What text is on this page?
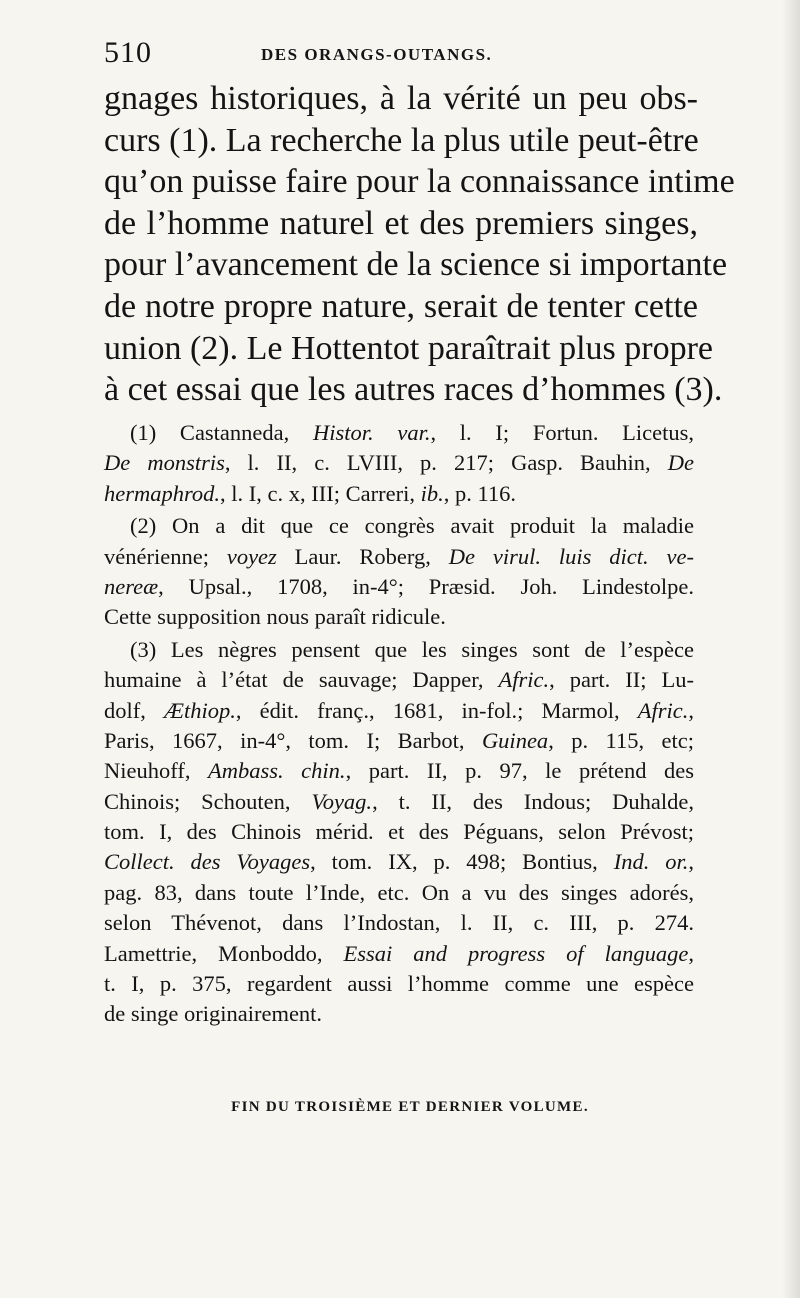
510	DES ORANGS-OUTANGS.
gnages historiques, à la vérité un peu obs-
curs (1). La recherche la plus utile peut-être
qu’on puisse faire pour la connaissance intime
de l’homme naturel et des premiers singes,
pour l’avancement de la science si importante
de notre propre nature, serait de tenter cette
union (2). Le Hottentot paraîtrait plus propre
à cet essai que les autres races d’hommes (3).
(1) Castanneda, Histor. var., l. I; Fortun. Licetus,
De monstris, l. II, c. LVIII, p. 217; Gasp. Bauhin, De
hermaphrod., l. I, c. x, III; Carreri, ib., p. 116.
(2) On a dit que ce congrès avait produit la maladie
vénérienne; voyez Laur. Roberg, De virul. luis dict. ve-
nereæ, Upsal., 1708, in-4°; Præsid. Joh. Lindestolpe.
Cette supposition nous paraît ridicule.
(3) Les nègres pensent que les singes sont de l’espèce
humaine à l’état de sauvage; Dapper, Afric., part. II; Lu-
dolf, Æthiop., édit. franç., 1681, in-fol.; Marmol, Afric.,
Paris, 1667, in-4°, tom. I; Barbot, Guinea, p. 115, etc;
Nieuhoff, Ambass. chin., part. II, p. 97, le prétend des
Chinois; Schouten, Voyag., t. II, des Indous; Duhalde,
tom. I, des Chinois mérid. et des Péguans, selon Prévost;
Collect. des Voyages, tom. IX, p. 498; Bontius, Ind. or.,
pag. 83, dans toute l’Inde, etc. On a vu des singes adorés,
selon Thévenot, dans l’Indostan, l. II, c. III, p. 274.
Lamettrie, Monboddo, Essai and progress of language,
t. I, p. 375, regardent aussi l’homme comme une espèce
de singe originairement.
FIN DU TROISIÈME ET DERNIER VOLUME.
